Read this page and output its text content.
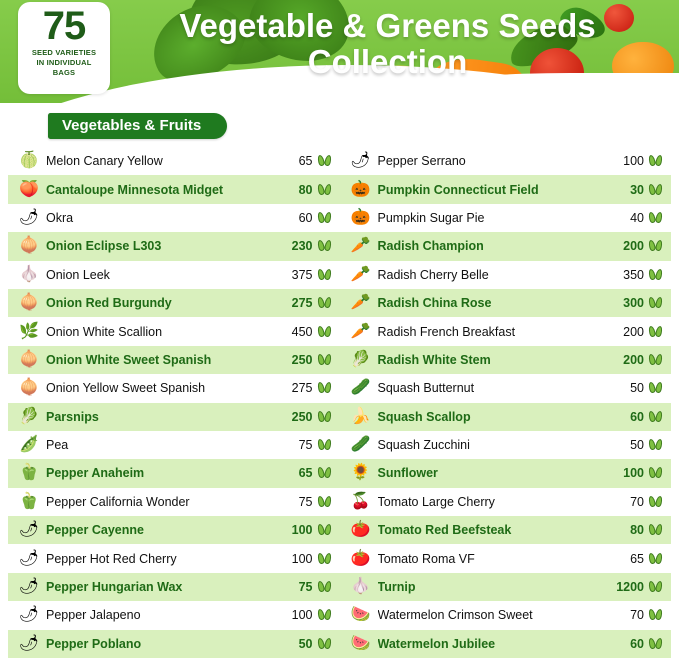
75
SEED VARIETIES
IN INDIVIDUAL
BAGS
Vegetable & Greens Seeds Collection
Vegetables & Fruits
🍈 Melon Canary Yellow	65
🍑 Cantaloupe Minnesota Midget	80
🌶 Okra	60
🧅 Onion Eclipse L303	230
🧄 Onion Leek	375
🧅 Onion Red Burgundy	275
🌿 Onion White Scallion	450
🧅 Onion White Sweet Spanish	250
🧅 Onion Yellow Sweet Spanish	275
🥬 Parsnips	250
🫛 Pea	75
🫑 Pepper Anaheim	65
🫑 Pepper California Wonder	75
🌶 Pepper Cayenne	100
🌶 Pepper Hot Red Cherry	100
🌶 Pepper Hungarian Wax	75
🌶 Pepper Jalapeno	100
🌶 Pepper Poblano	50
🌶 Pepper Serrano	100
🎃 Pumpkin Connecticut Field	30
🎃 Pumpkin Sugar Pie	40
🥕 Radish Champion	200
🥕 Radish Cherry Belle	350
🥕 Radish China Rose	300
🥕 Radish French Breakfast	200
🥬 Radish White Stem	200
🥒 Squash Butternut	50
🍌 Squash Scallop	60
🥒 Squash Zucchini	50
🌻 Sunflower	100
🍒 Tomato Large Cherry	70
🍅 Tomato Red Beefsteak	80
🍅 Tomato Roma VF	65
🧄 Turnip	1200
🍉 Watermelon Crimson Sweet	70
🍉 Watermelon Jubilee	60
